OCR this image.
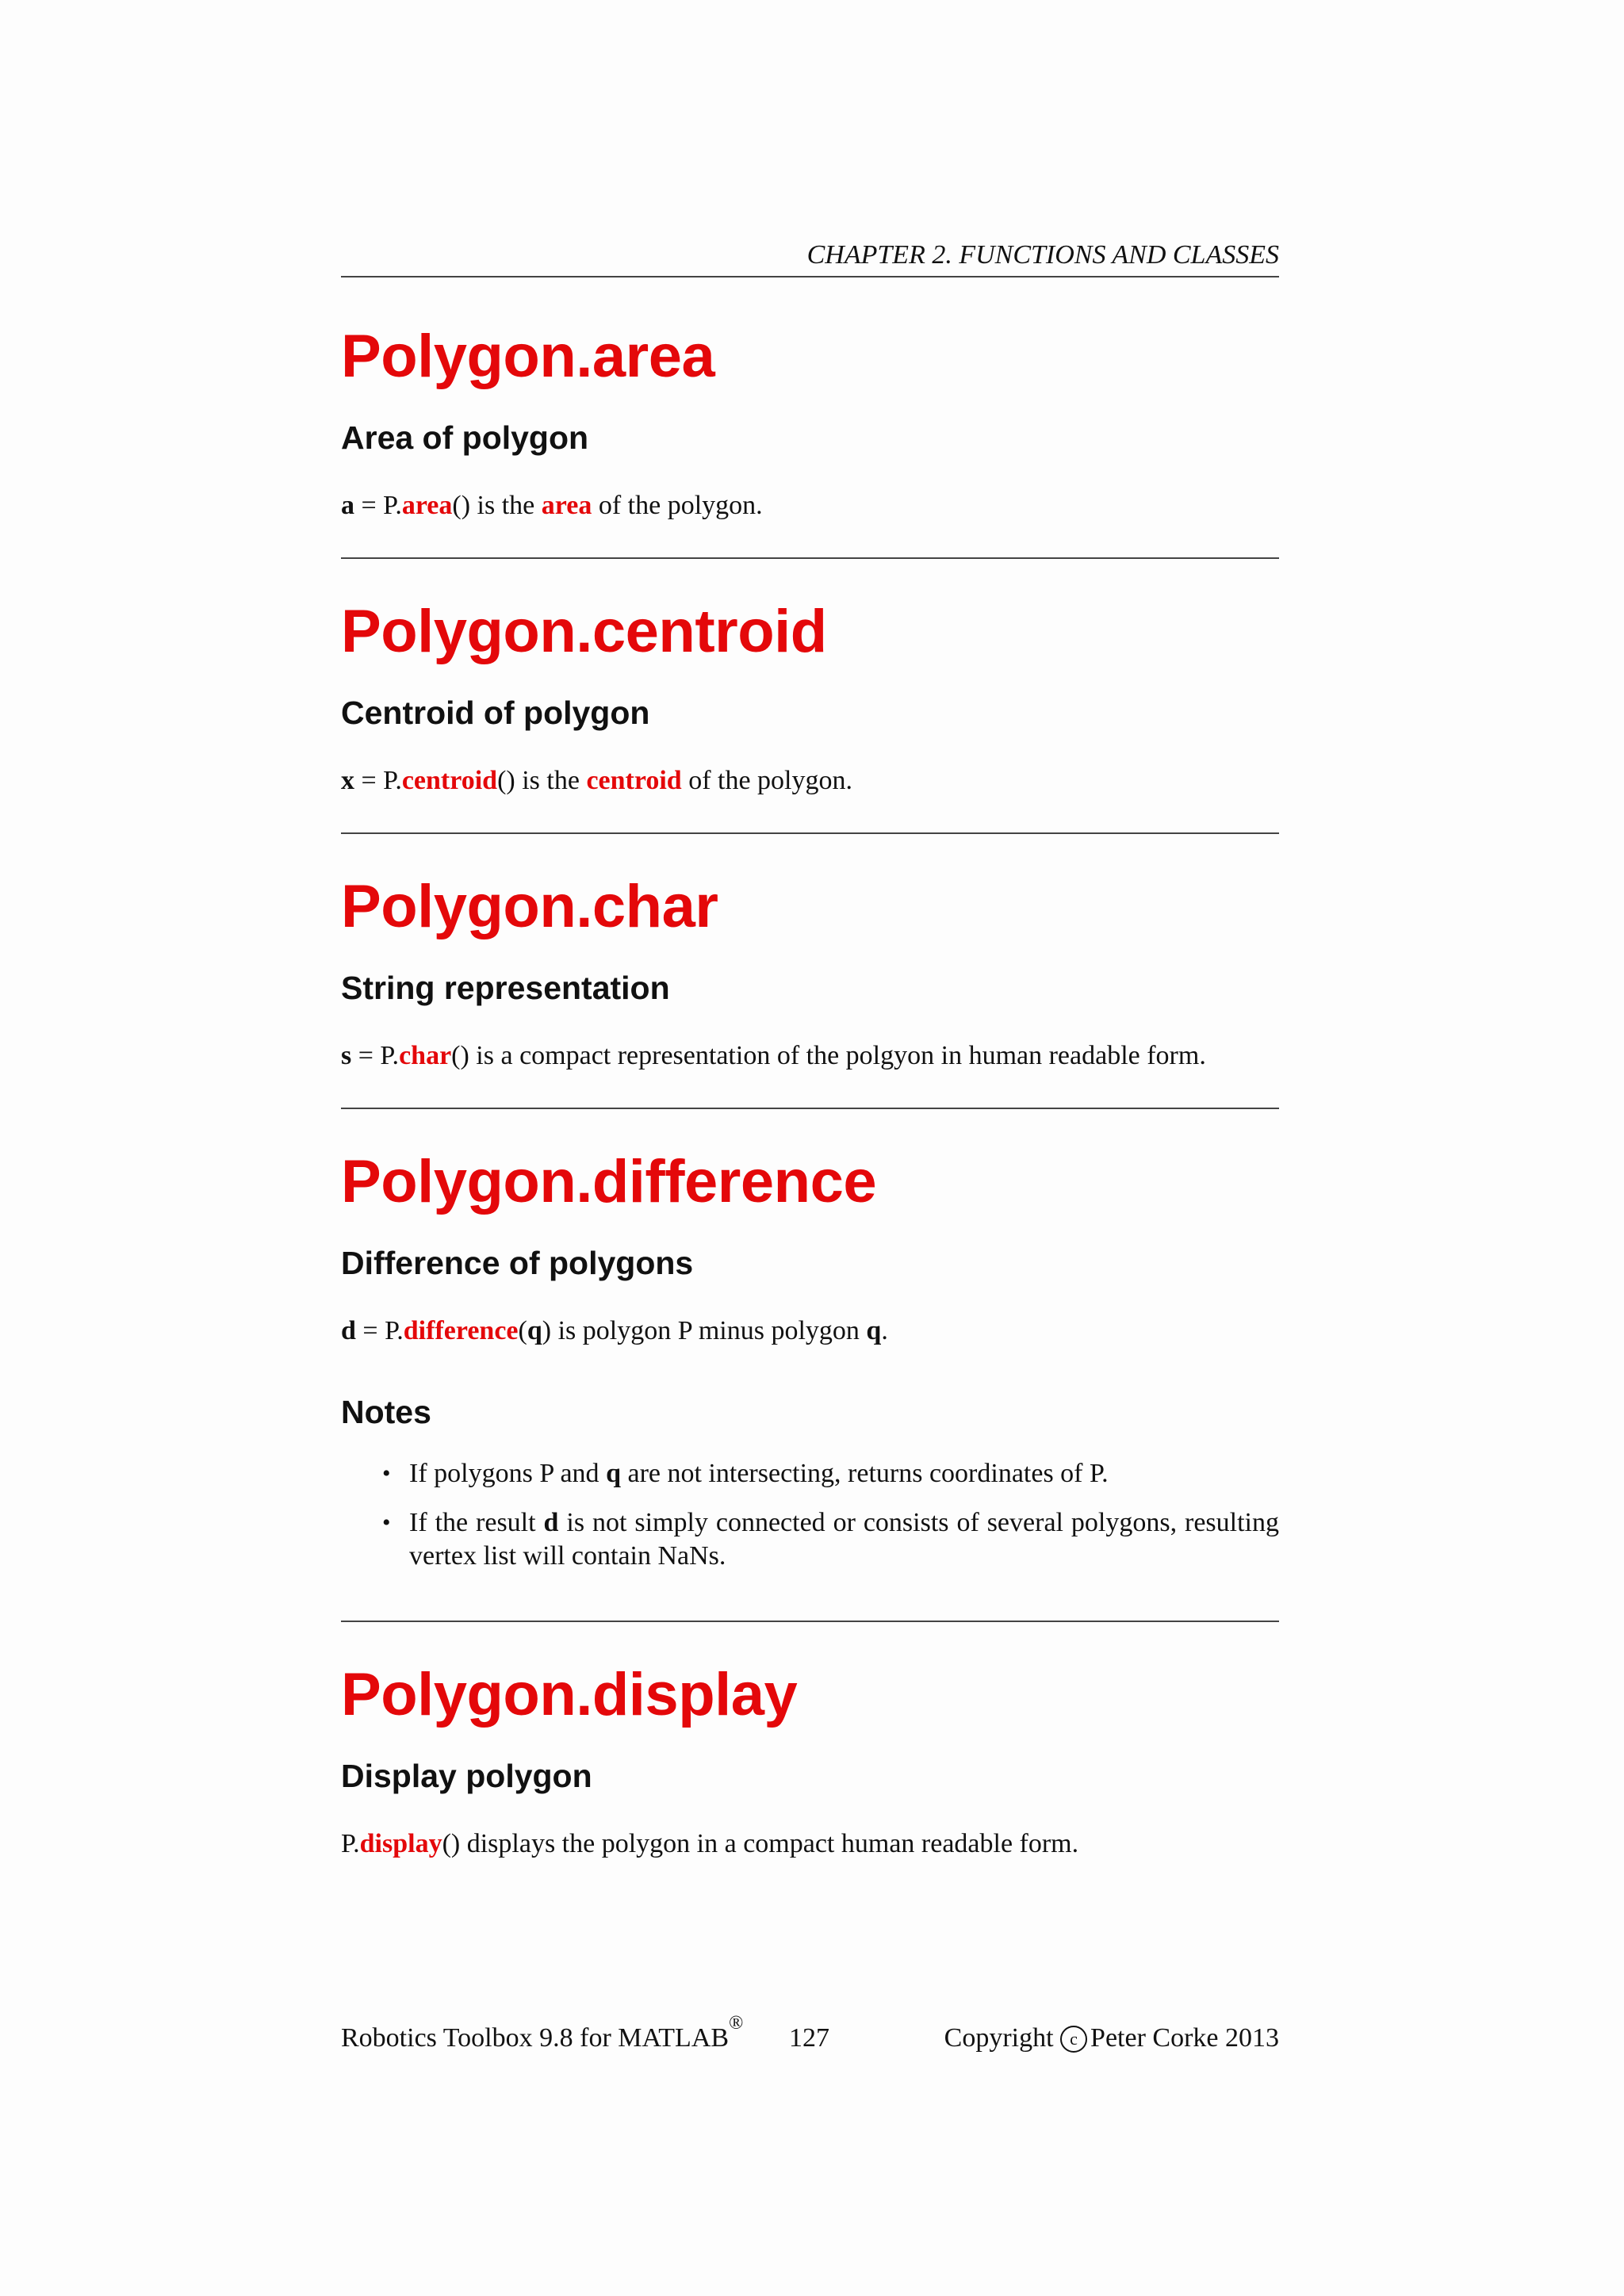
CHAPTER 2. FUNCTIONS AND CLASSES
Polygon.area
Area of polygon

a = P.area() is the area of the polygon.

Polygon.centroid
Centroid of polygon

x = P.centroid() is the centroid of the polygon.

Polygon.char
String representation

s = P.char() is a compact representation of the polgyon in human readable form.

Polygon.difference
Difference of polygons

d = P.difference(q) is polygon P minus polygon q.

Notes
• If polygons P and q are not intersecting, returns coordinates of P.
• If the result d is not simply connected or consists of several polygons, resulting vertex list will contain NaNs.
Polygon.display
Display polygon

P.display() displays the polygon in a compact human readable form.

Robotics Toolbox 9.8 for MATLAB® 127	Copyright c Peter Corke 2013
